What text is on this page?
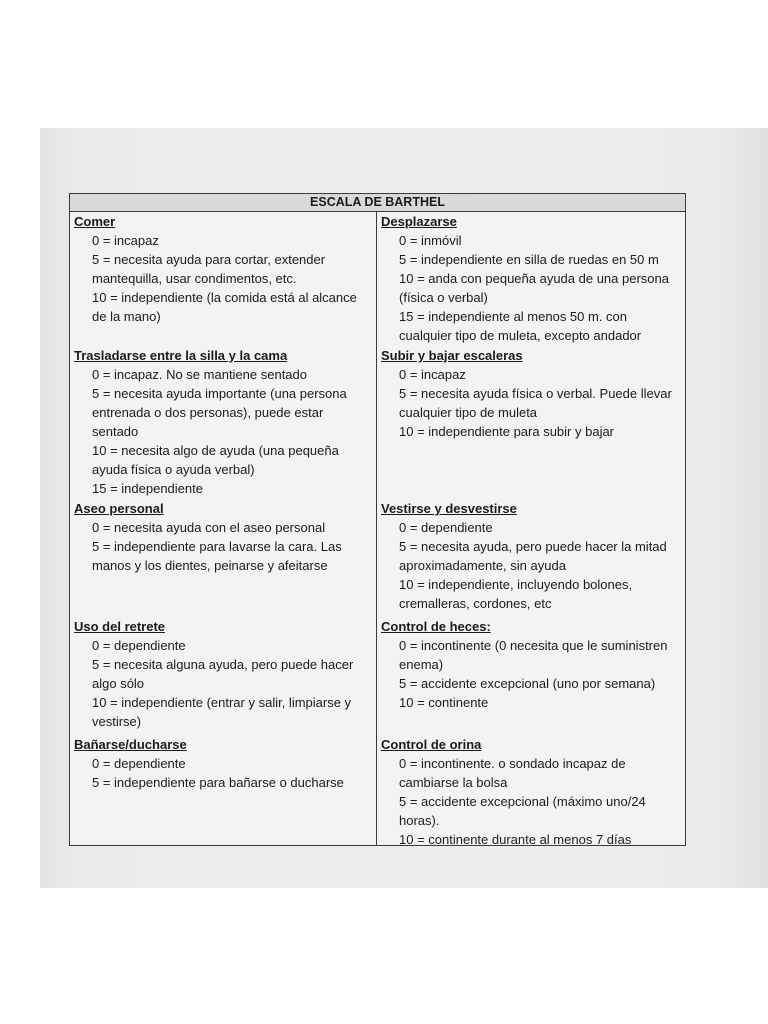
ESCALA DE BARTHEL
Comer
0 = incapaz
5 = necesita ayuda para cortar, extender mantequilla, usar condimentos, etc.
10 = independiente (la comida está al alcance de la mano)
Trasladarse entre la silla y la cama
0 = incapaz. No se mantiene sentado
5 = necesita ayuda importante (una persona entrenada o dos personas), puede estar sentado
10 = necesita algo de ayuda (una pequeña ayuda física o ayuda verbal)
15 = independiente
Aseo personal
0 = necesita ayuda con el aseo personal
5 = independiente para lavarse la cara. Las manos y los dientes, peinarse y afeitarse
Uso del retrete
0 = dependiente
5 = necesita alguna ayuda, pero puede hacer algo sólo
10 = independiente (entrar y salir, limpiarse y vestirse)
Bañarse/ducharse
0 = dependiente
5 = independiente para bañarse o ducharse
Desplazarse
0 = inmóvil
5 = independiente en silla de ruedas en 50 m
10 = anda con pequeña ayuda de una persona (física o verbal)
15 = independiente al menos 50 m. con cualquier tipo de muleta, excepto andador
Subir y bajar escaleras
0 = incapaz
5 = necesita ayuda física o verbal. Puede llevar cualquier tipo de muleta
10 = independiente para subir y bajar
Vestirse y desvestirse
0 = dependiente
5 = necesita ayuda, pero puede hacer la mitad aproximadamente, sin ayuda
10 = independiente, incluyendo bolones, cremalleras, cordones, etc
Control de heces:
0 = incontinente (0 necesita que le suministren enema)
5 = accidente excepcional (uno por semana)
10 = continente
Control de orina
0 = incontinente. o sondado incapaz de cambiarse la bolsa
5 = accidente excepcional (máximo uno/24 horas).
10 = continente durante al menos 7 días
